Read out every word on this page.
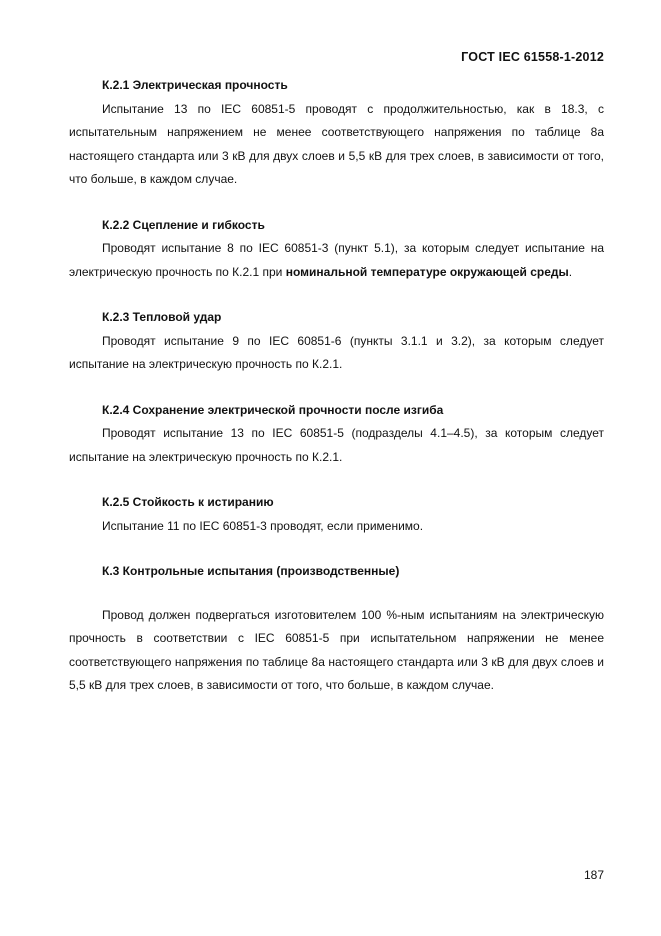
ГОСТ IEC 61558-1-2012

К.2.1 Электрическая прочность

Испытание 13 по IEC 60851-5 проводят с продолжительностью, как в 18.3, с испытательным напряжением не менее соответствующего напряжения по таблице 8а настоящего стандарта или 3 кВ для двух слоев и 5,5 кВ для трех слоев, в зависимости от того, что больше, в каждом случае.

К.2.2 Сцепление и гибкость

Проводят испытание 8 по IEC 60851-3 (пункт 5.1), за которым следует испытание на электрическую прочность по К.2.1 при номинальной температуре окружающей среды.

К.2.3 Тепловой удар

Проводят испытание 9 по IEC 60851-6 (пункты 3.1.1 и 3.2), за которым следует испытание на электрическую прочность по К.2.1.

К.2.4 Сохранение электрической прочности после изгиба

Проводят испытание 13 по IEC 60851-5 (подразделы 4.1–4.5), за которым следует испытание на электрическую прочность по К.2.1.

К.2.5 Стойкость к истиранию

Испытание 11 по IEC 60851-3 проводят, если применимо.

К.3 Контрольные испытания (производственные)

Провод должен подвергаться изготовителем 100 %-ным испытаниям на электрическую прочность в соответствии с IEC 60851-5 при испытательном напряжении не менее соответствующего напряжения по таблице 8а настоящего стандарта или 3 кВ для двух слоев и 5,5 кВ для трех слоев, в зависимости от того, что больше, в каждом случае.

187
